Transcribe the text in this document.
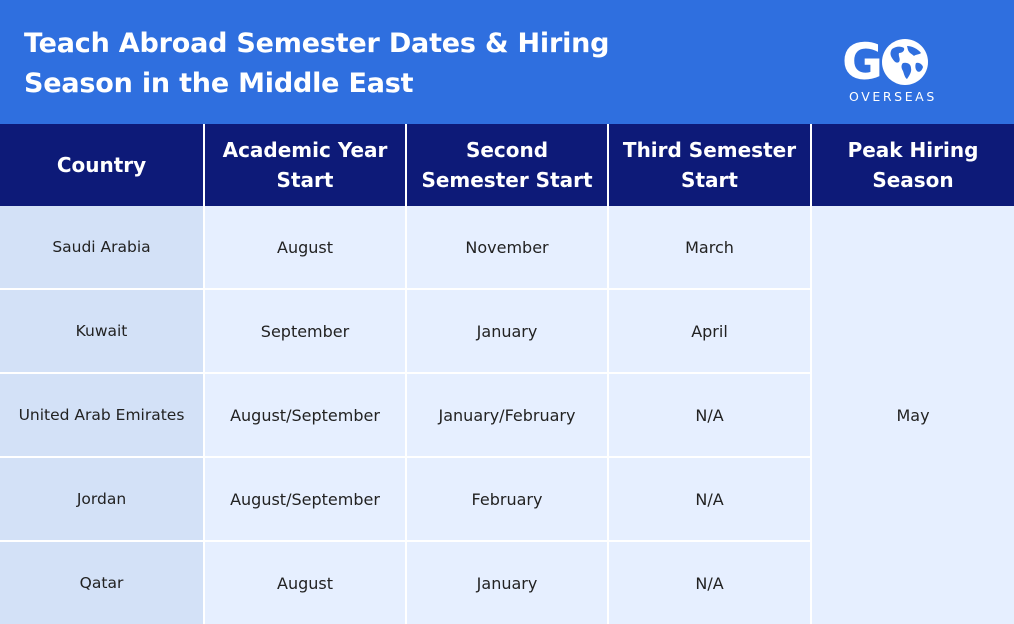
Teach Abroad Semester Dates & Hiring
Season in the Middle East	G
OVERSEAS
Country	Academic Year Start	Second Semester Start	Third Semester Start	Peak Hiring Season
Saudi Arabia	August	November	March	May
Kuwait	September	January	April	
United Arab Emirates	August/September	January/February	N/A	
Jordan	August/September	February	N/A	
Qatar	August	January	N/A	
